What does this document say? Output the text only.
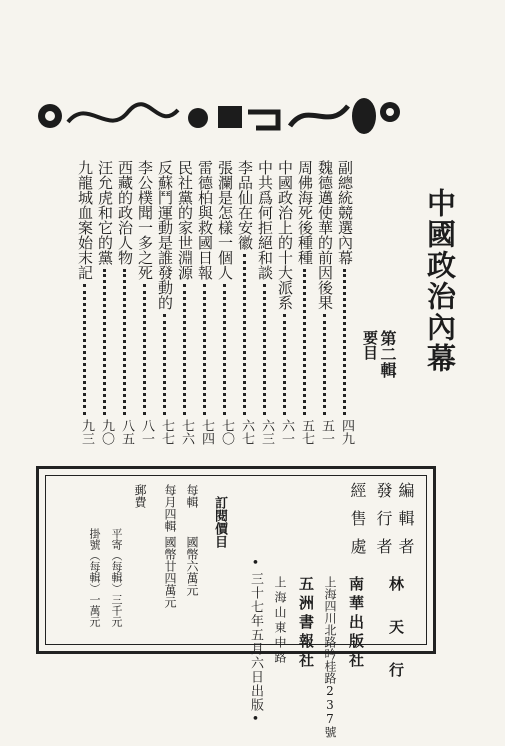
中國政治內幕
第二輯
要目
副總統競選內幕
四九
魏德邁使華的前因後果
五一
周佛海死後種種
五七
中國政治上的十大派系
六一
中共爲何拒絕和談
六三
李品仙在安徽
六七
張瀾是怎樣一個人
七〇
雷德柏與救國日報
七四
民社黨的家世淵源
七六
反蘇鬥運動是誰發動的
七七
李公樸聞一多之死
八一
西藏的政治人物
八五
汪允虎和它的黨
九〇
九龍城血案始末記
九三
編輯者
發行者
經售處
林天行
南華出版社
上海四川北路吟桂路237號
五洲書報社
上海山東中路
•三十七年五月六日出版•
訂閱價目
每輯
國幣六萬元
每月四輯
國幣廿四萬元
郵費
平寄（每輯）三千元
掛號（每輯）一萬元
